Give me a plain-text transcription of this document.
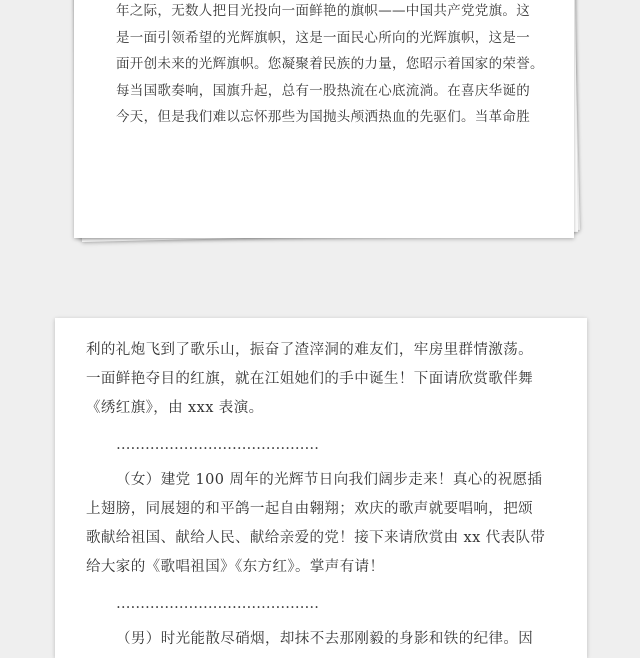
年之际，无数人把目光投向一面鲜艳的旗帜——中国共产党党旗。这

是一面引领希望的光辉旗帜，这是一面民心所向的光辉旗帜，这是一

面开创未来的光辉旗帜。您凝聚着民族的力量，您昭示着国家的荣誉。

每当国歌奏响，国旗升起，总有一股热流在心底流淌。在喜庆华诞的

今天，但是我们难以忘怀那些为国抛头颅洒热血的先驱们。当革命胜

利的礼炮飞到了歌乐山，振奋了渣滓洞的难友们，牢房里群情激荡。

一面鲜艳夺目的红旗，就在江姐她们的手中诞生！下面请欣赏歌伴舞

《绣红旗》，由 xxx 表演。

……………………………………

（女）建党 100 周年的光辉节日向我们阔步走来！真心的祝愿插

上翅膀，同展翅的和平鸽一起自由翱翔；欢庆的歌声就要唱响，把颂

歌献给祖国、献给人民、献给亲爱的党！接下来请欣赏由 xx 代表队带

给大家的《歌唱祖国》《东方红》。掌声有请！

……………………………………

（男）时光能散尽硝烟，却抹不去那刚毅的身影和铁的纪律。因
